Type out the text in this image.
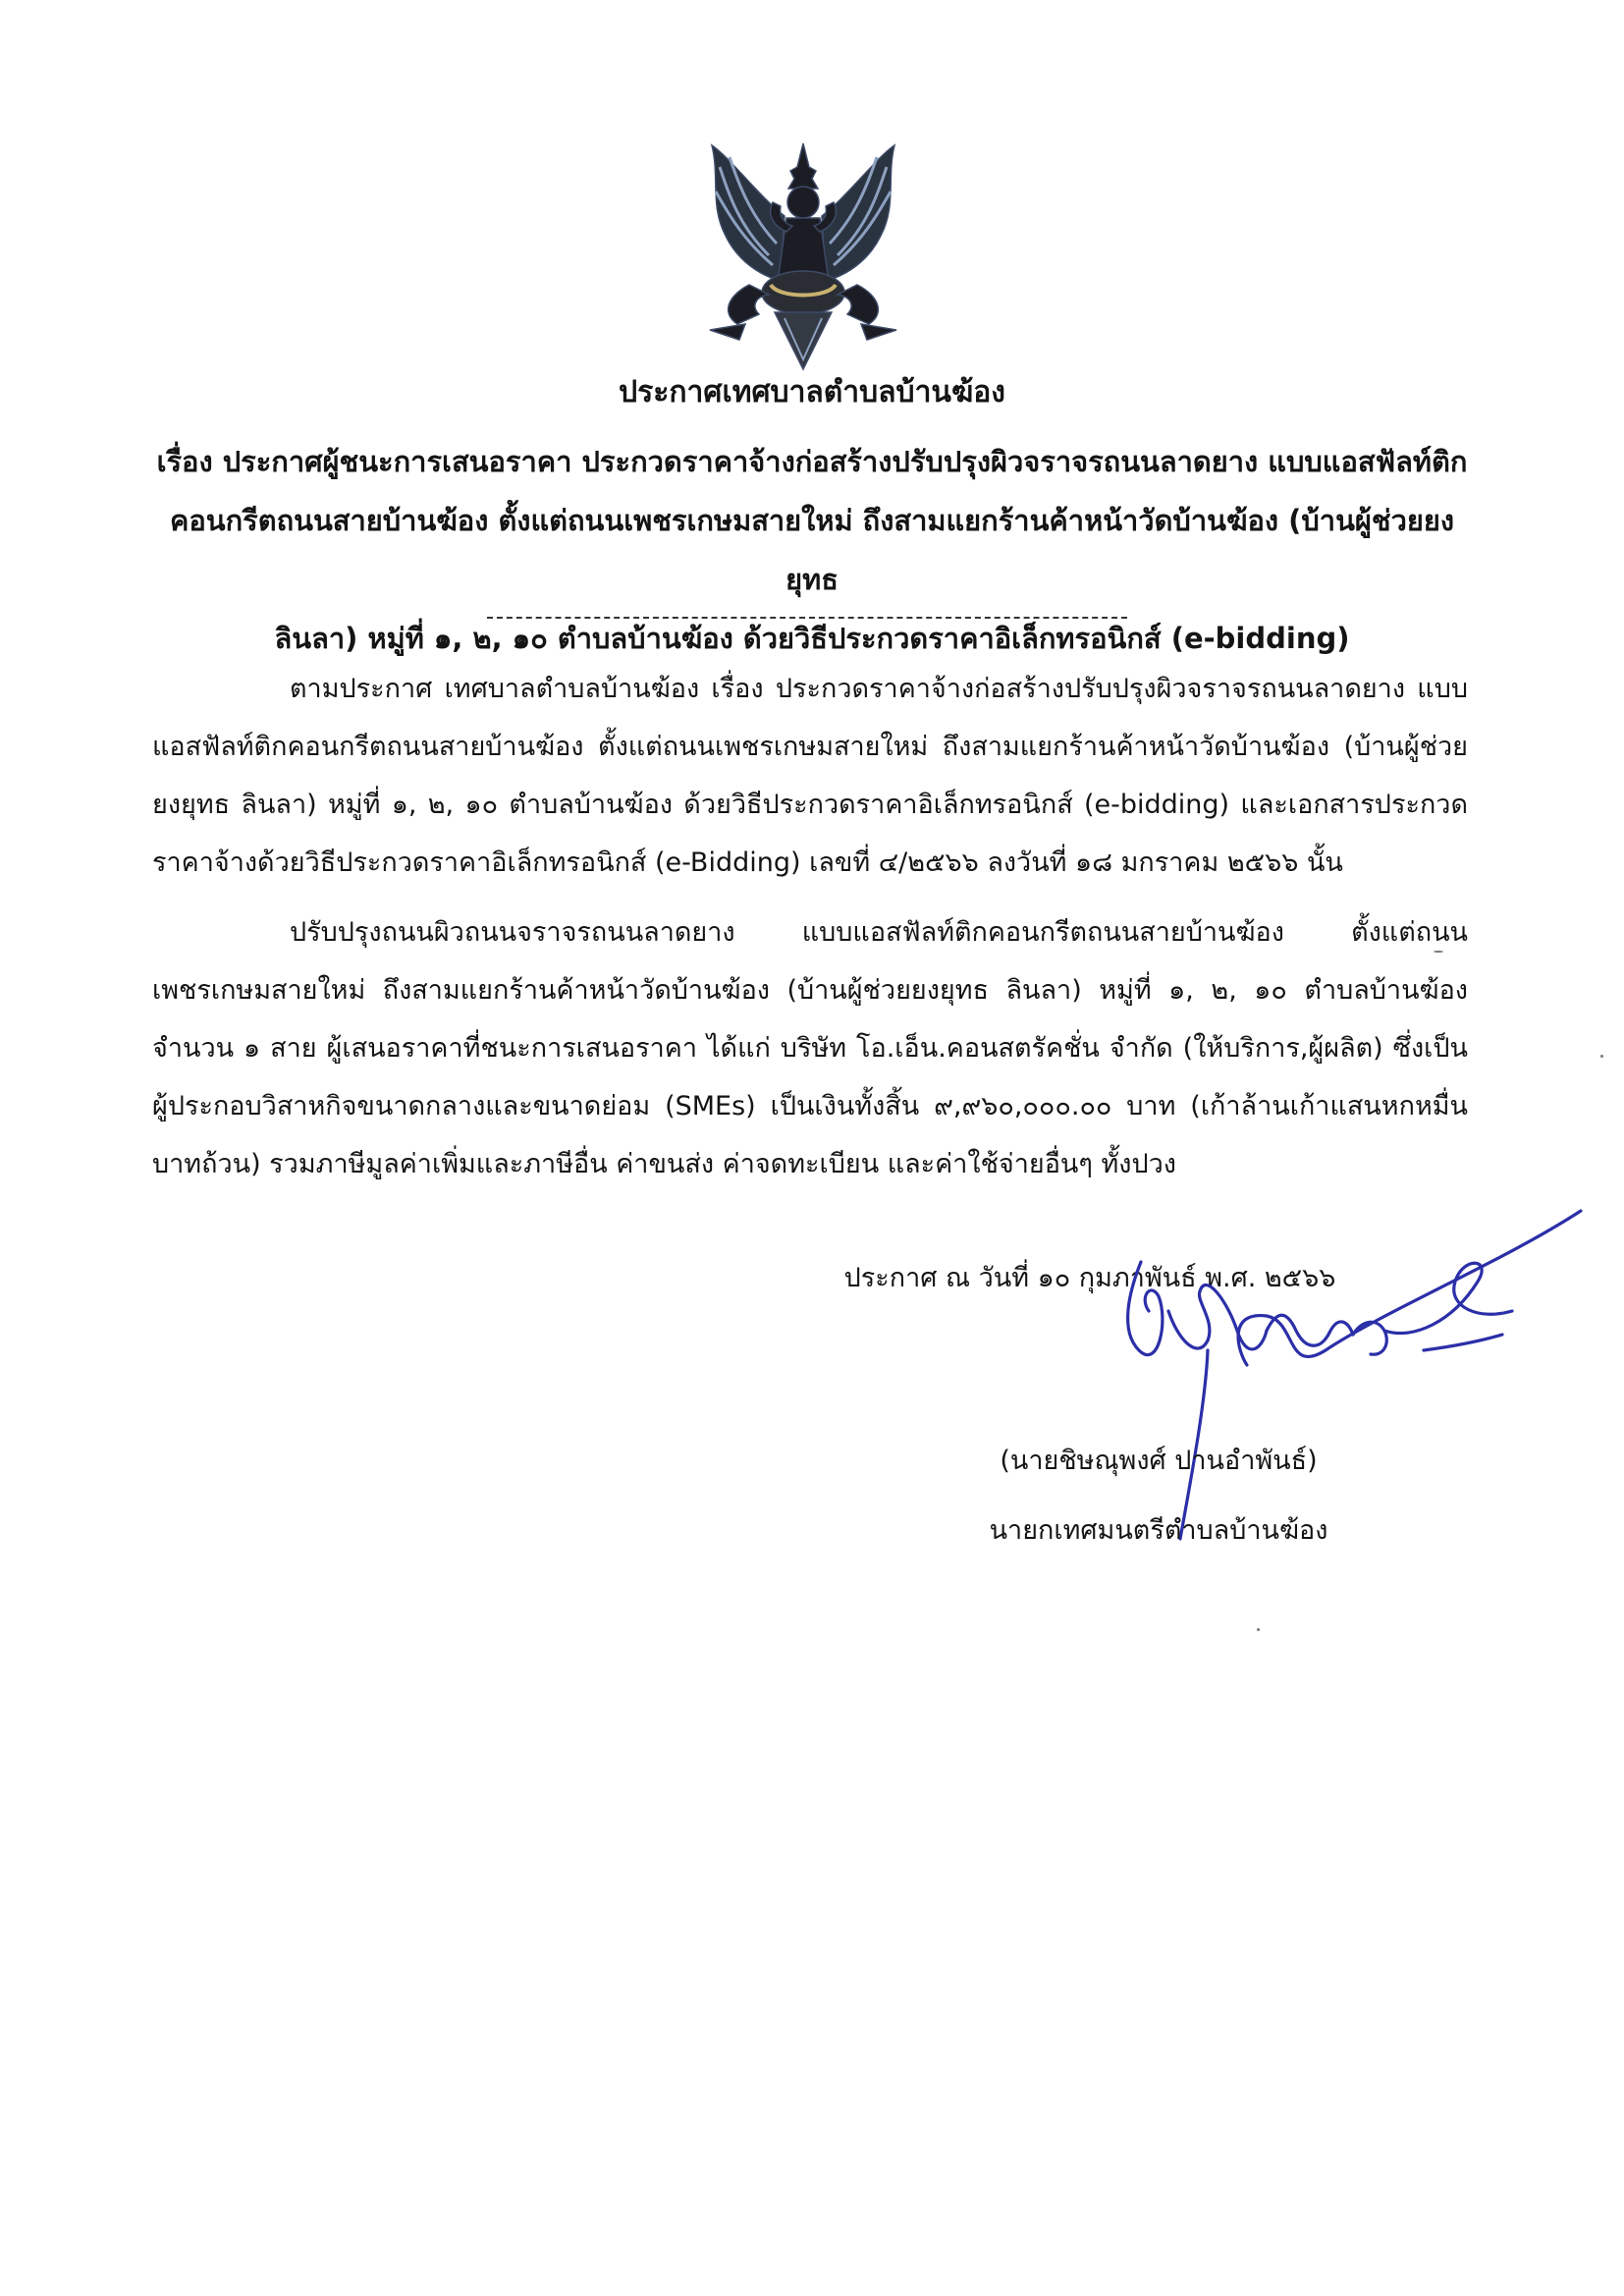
ประกาศเทศบาลตำบลบ้านฆ้อง
เรื่อง ประกาศผู้ชนะการเสนอราคา ประกวดราคาจ้างก่อสร้างปรับปรุงผิวจราจรถนนลาดยาง แบบแอสฟัลท์ติก
คอนกรีตถนนสายบ้านฆ้อง ตั้งแต่ถนนเพชรเกษมสายใหม่ ถึงสามแยกร้านค้าหน้าวัดบ้านฆ้อง (บ้านผู้ช่วยยงยุทธ
ลินลา) หมู่ที่ ๑, ๒, ๑๐ ตำบลบ้านฆ้อง ด้วยวิธีประกวดราคาอิเล็กทรอนิกส์ (e-bidding)
ตามประกาศ เทศบาลตำบลบ้านฆ้อง เรื่อง ประกวดราคาจ้างก่อสร้างปรับปรุงผิวจราจรถนนลาดยาง แบบแอสฟัลท์ติกคอนกรีตถนนสายบ้านฆ้อง ตั้งแต่ถนนเพชรเกษมสายใหม่ ถึงสามแยกร้านค้าหน้าวัดบ้านฆ้อง (บ้านผู้ช่วยยงยุทธ ลินลา) หมู่ที่ ๑, ๒, ๑๐ ตำบลบ้านฆ้อง ด้วยวิธีประกวดราคาอิเล็กทรอนิกส์ (e-bidding) และเอกสารประกวดราคาจ้างด้วยวิธีประกวดราคาอิเล็กทรอนิกส์ (e-Bidding) เลขที่ ๔/๒๕๖๖ ลงวันที่ ๑๘ มกราคม ๒๕๖๖ นั้น
ปรับปรุงถนนผิวถนนจราจรถนนลาดยาง แบบแอสฟัลท์ติกคอนกรีตถนนสายบ้านฆ้อง ตั้งแต่ถนนเพชรเกษมสายใหม่ ถึงสามแยกร้านค้าหน้าวัดบ้านฆ้อง (บ้านผู้ช่วยยงยุทธ ลินลา) หมู่ที่ ๑, ๒, ๑๐ ตำบลบ้านฆ้อง จำนวน ๑ สาย ผู้เสนอราคาที่ชนะการเสนอราคา ได้แก่ บริษัท โอ.เอ็น.คอนสตรัคชั่น จำกัด (ให้บริการ,ผู้ผลิต) ซึ่งเป็นผู้ประกอบวิสาหกิจขนาดกลางและขนาดย่อม (SMEs) เป็นเงินทั้งสิ้น ๙,๙๖๐,๐๐๐.๐๐ บาท (เก้าล้านเก้าแสนหกหมื่นบาทถ้วน) รวมภาษีมูลค่าเพิ่มและภาษีอื่น ค่าขนส่ง ค่าจดทะเบียน และค่าใช้จ่ายอื่นๆ ทั้งปวง
ประกาศ ณ วันที่ ๑๐ กุมภาพันธ์ พ.ศ. ๒๕๖๖
(นายชิษณุพงศ์ ปานอำพันธ์)
นายกเทศมนตรีตำบลบ้านฆ้อง
